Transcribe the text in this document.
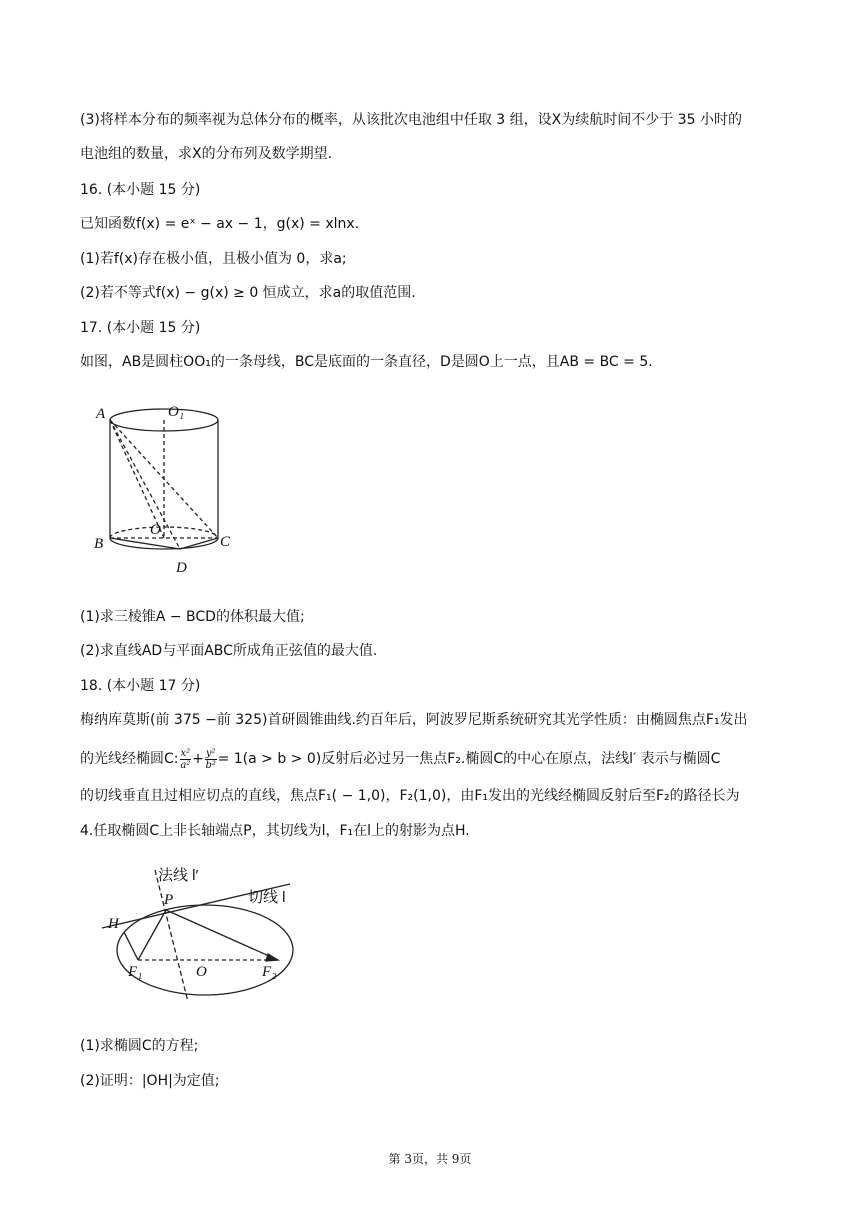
(3)将样本分布的频率视为总体分布的概率，从该批次电池组中任取 3 组，设X为续航时间不少于 35 小时的
电池组的数量，求X的分布列及数学期望.
16. (本小题 15 分)
已知函数f(x) = eˣ − ax − 1，g(x) = xlnx.
(1)若f(x)存在极小值，且极小值为 0，求a;
(2)若不等式f(x) − g(x) ≥ 0 恒成立，求a的取值范围.
17. (本小题 15 分)
如图，AB是圆柱OO₁的一条母线，BC是底面的一条直径，D是圆O上一点，且AB = BC = 5.
A	O₁
O
B	C
D
(1)求三棱锥A − BCD的体积最大值;
(2)求直线AD与平面ABC所成角正弦值的最大值.
18. (本小题 17 分)
梅纳库莫斯(前 375 −前 325)首研圆锥曲线.约百年后，阿波罗尼斯系统研究其光学性质：由椭圆焦点F₁发出
的光线经椭圆C: $\frac{\text{x²}}{\text{a²}} + \frac{\text{y²}}{\text{b²}} = 1(a > b > 0)$反射后必过另一焦点F₂.椭圆C的中心在原点，法线l′ 表示与椭圆C
的切线垂直且过相应切点的直线，焦点F₁( − 1,0)，F₂(1,0)，由F₁发出的光线经椭圆反射后至F₂的路径长为
4.任取椭圆C上非长轴端点P，其切线为l，F₁在l上的射影为点H.
法线 l′
切线 l
H
P
F₁	O	F₂
(1)求椭圆C的方程;
(2)证明：|OH|为定值;
第 3页，共 9页
